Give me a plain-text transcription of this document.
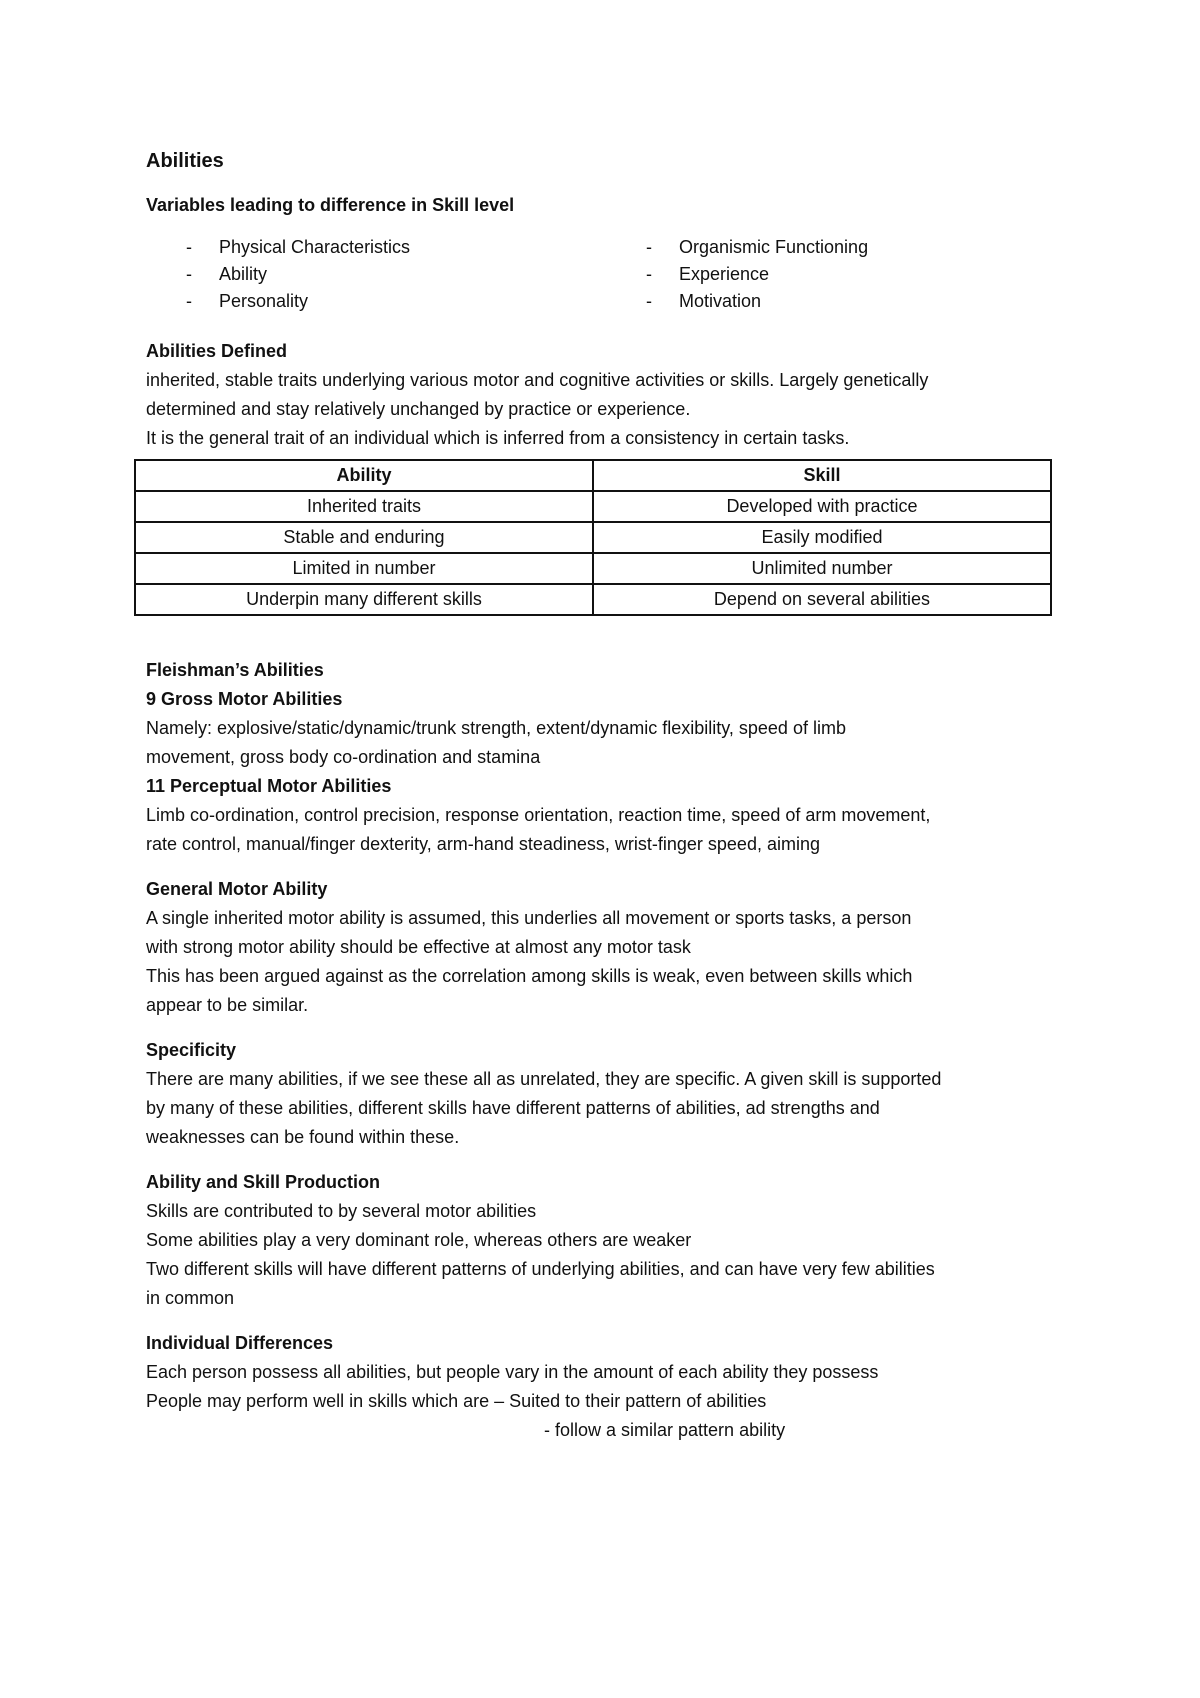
Abilities

Variables leading to difference in Skill level

- Physical Characteristics
- Ability
- Personality
- Organismic Functioning
- Experience
- Motivation

Abilities Defined

inherited, stable traits underlying various motor and cognitive activities or skills. Largely genetically

determined and stay relatively unchanged by practice or experience.

It is the general trait of an individual which is inferred from a consistency in certain tasks.

Ability	Skill
Inherited traits	Developed with practice
Stable and enduring	Easily modified
Limited in number	Unlimited number
Underpin many different skills	Depend on several abilities

Fleishman’s Abilities

9 Gross Motor Abilities

Namely: explosive/static/dynamic/trunk strength, extent/dynamic flexibility, speed of limb

movement, gross body co-ordination and stamina

11 Perceptual Motor Abilities

Limb co-ordination, control precision, response orientation, reaction time, speed of arm movement,

rate control, manual/finger dexterity, arm-hand steadiness, wrist-finger speed, aiming

General Motor Ability

A single inherited motor ability is assumed, this underlies all movement or sports tasks, a person

with strong motor ability should be effective at almost any motor task

This has been argued against as the correlation among skills is weak, even between skills which

appear to be similar.

Specificity

There are many abilities, if we see these all as unrelated, they are specific. A given skill is supported

by many of these abilities, different skills have different patterns of abilities, ad strengths and

weaknesses can be found within these.

Ability and Skill Production

Skills are contributed to by several motor abilities

Some abilities play a very dominant role, whereas others are weaker

Two different skills will have different patterns of underlying abilities, and can have very few abilities

in common

Individual Differences

Each person possess all abilities, but people vary in the amount of each ability they possess

People may perform well in skills which are – Suited to their pattern of abilities

- follow a similar pattern ability
